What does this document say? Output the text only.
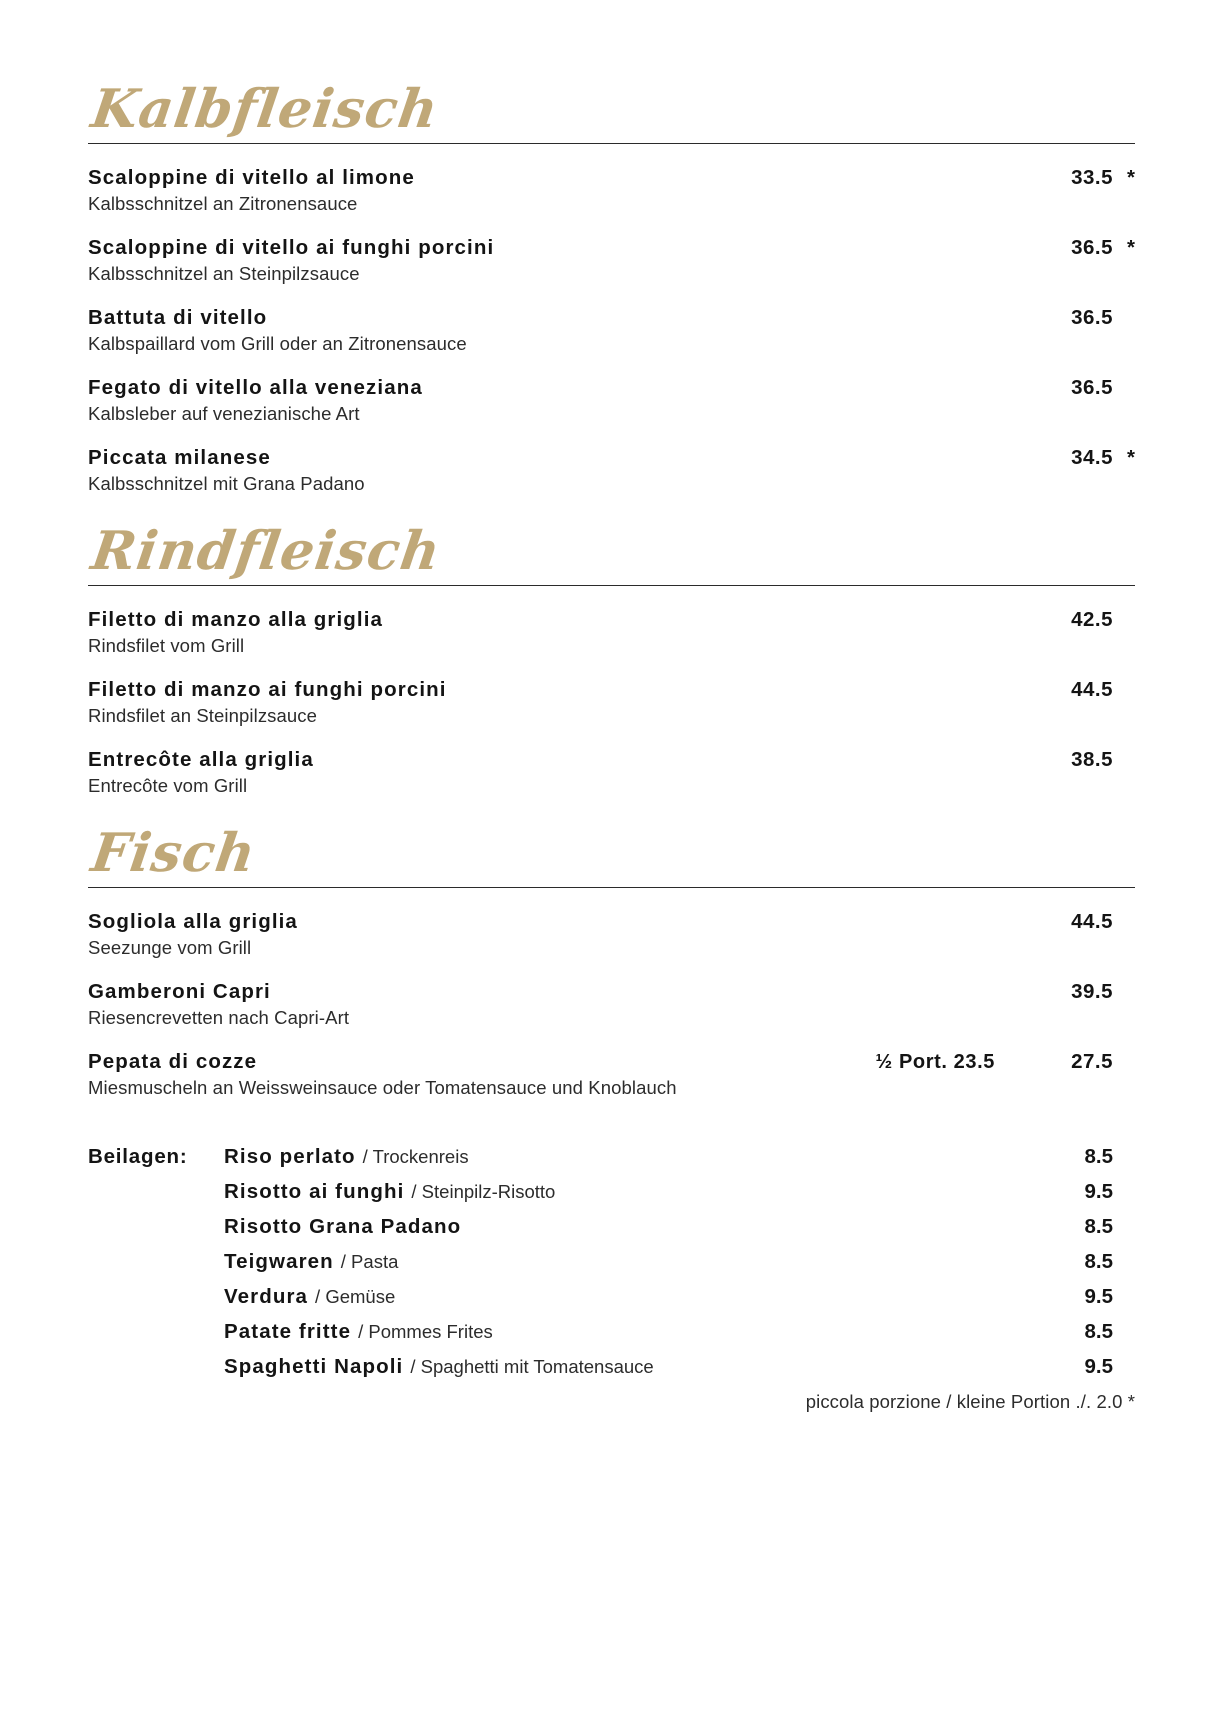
Kalbfleisch
Scaloppine di vitello al limone	33.5 *
Kalbsschnitzel an Zitronensauce
Scaloppine di vitello ai funghi porcini	36.5 *
Kalbsschnitzel an Steinpilzsauce
Battuta di vitello	36.5
Kalbspaillard vom Grill oder an Zitronensauce
Fegato di vitello alla veneziana	36.5
Kalbsleber auf venezianische Art
Piccata milanese	34.5 *
Kalbsschnitzel mit Grana Padano
Rindfleisch
Filetto di manzo alla griglia	42.5
Rindsfilet vom Grill
Filetto di manzo ai funghi porcini	44.5
Rindsfilet an Steinpilzsauce
Entrecôte alla griglia	38.5
Entrecôte vom Grill
Fisch
Sogliola alla griglia	44.5
Seezunge vom Grill
Gamberoni Capri	39.5
Riesencrevetten nach Capri-Art
Pepata di cozze	½ Port. 23.5	27.5
Miesmuscheln an Weissweinsauce oder Tomatensauce und Knoblauch
Beilagen:	Riso perlato / Trockenreis	8.5
Risotto ai funghi / Steinpilz-Risotto	9.5
Risotto Grana Padano	8.5
Teigwaren / Pasta	8.5
Verdura / Gemüse	9.5
Patate fritte / Pommes Frites	8.5
Spaghetti Napoli / Spaghetti mit Tomatensauce	9.5
piccola porzione / kleine Portion ./. 2.0 *
